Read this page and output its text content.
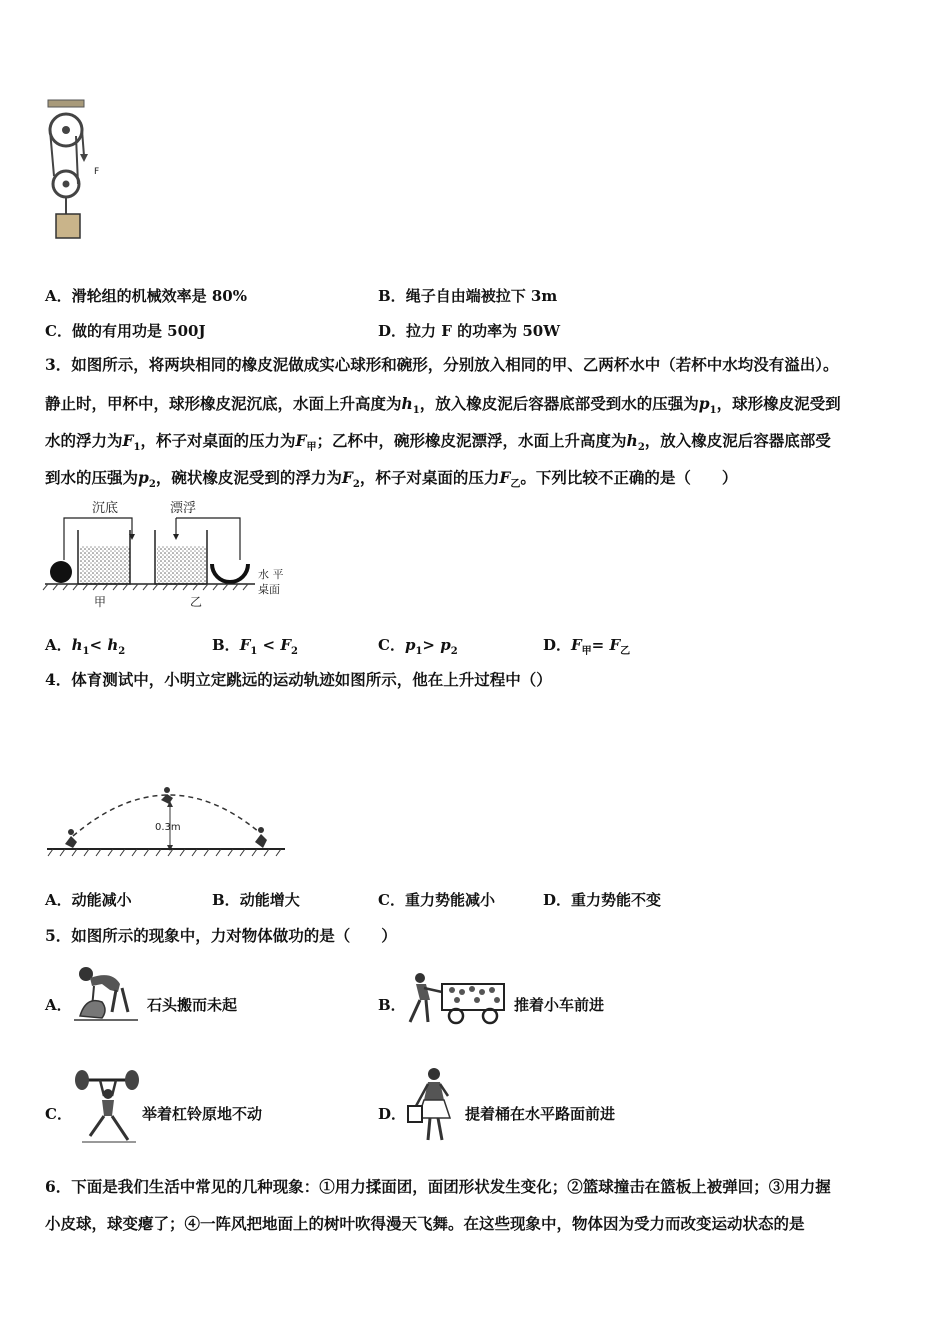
F
A．滑轮组的机械效率是 80%	B．绳子自由端被拉下 3m
C．做的有用功是 500J	D．拉力 F 的功率为 50W
3．如图所示，将两块相同的橡皮泥做成实心球形和碗形，分别放入相同的甲、乙两杯水中（若杯中水均没有溢出）。
静止时，甲杯中，球形橡皮泥沉底，水面上升高度为$h_1$，放入橡皮泥后容器底部受到水的压强为$p_1$，球形橡皮泥受到
水的浮力为$F_1$，杯子对桌面的压力为$F_甲$；乙杯中，碗形橡皮泥漂浮，水面上升高度为$h_2$，放入橡皮泥后容器底部受
到水的压强为$p_2$，碗状橡皮泥受到的浮力为$F_2$，杯子对桌面的压力$F_乙$。下列比较不正确的是（　　）
沉底	漂浮
甲	乙
水 平
桌面
A．$h_1< h_2$	B．$F_1 < F_2$	C．$p_1> p_2$	D．$F_甲= F_乙$
4．体育测试中，小明立定跳远的运动轨迹如图所示，他在上升过程中（）
0.3m
A．动能减小	B．动能增大	C．重力势能减小	D．重力势能不变
5．如图所示的现象中，力对物体做功的是（　　）
A．	石头搬而未起	B．	推着小车前进
C．	举着杠铃原地不动	D．	提着桶在水平路面前进
6．下面是我们生活中常见的几种现象：①用力揉面团，面团形状发生变化；②篮球撞击在篮板上被弹回；③用力握
小皮球，球变瘪了；④一阵风把地面上的树叶吹得漫天飞舞。在这些现象中，物体因为受力而改变运动状态的是
